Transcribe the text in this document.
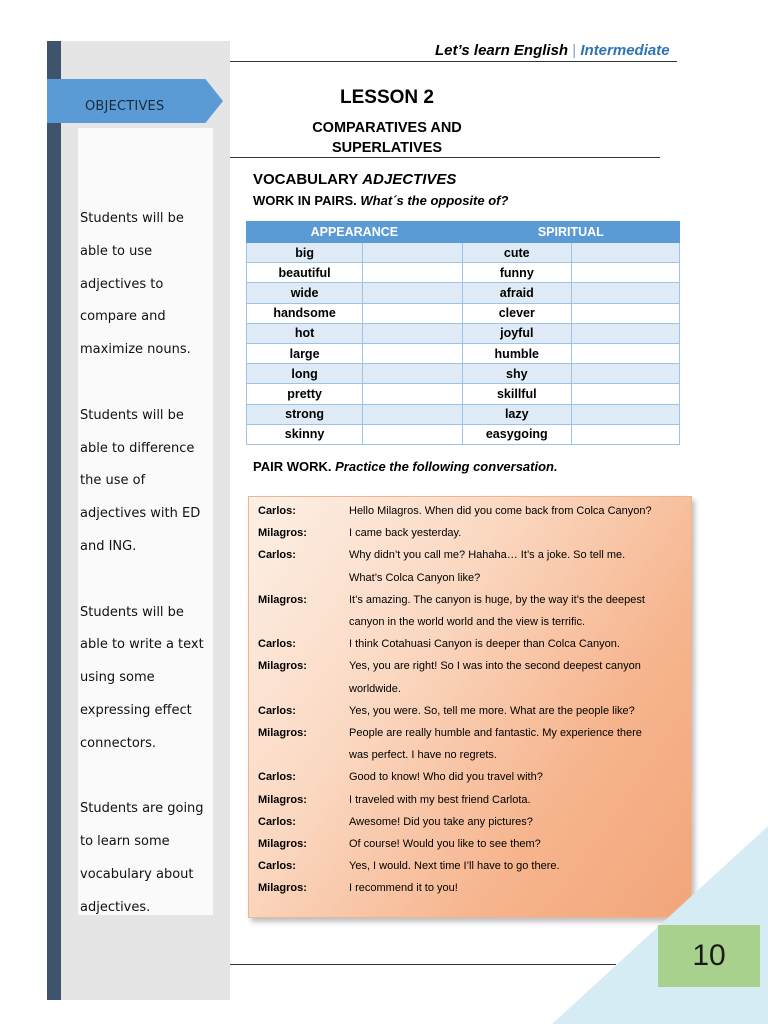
OBJECTIVES

Students will be able to use adjectives to compare and maximize nouns.

Students will be able to difference the use of adjectives with ED and ING.

Students will be able to write a text using some expressing effect connectors.

Students are going to learn some vocabulary about adjectives.

Let’s learn English | Intermediate
LESSON 2
COMPARATIVES AND
SUPERLATIVES
VOCABULARY ADJECTIVES
WORK IN PAIRS. What´s the opposite of?
APPEARANCE		SPIRITUAL	
big		cute	
beautiful		funny	
wide		afraid	
handsome		clever	
hot		joyful	
large		humble	
long		shy	
pretty		skillful	
strong		lazy	
skinny		easygoing	
PAIR WORK. Practice the following conversation.
Carlos:	Hello Milagros. When did you come back from Colca Canyon?
Milagros:	I came back yesterday.
Carlos:	Why didn’t you call me? Hahaha… It’s a joke. So tell me.
What’s Colca Canyon like?
Milagros:	It’s amazing. The canyon is huge, by the way it’s the deepest
canyon in the world world and the view is terrific.
Carlos:	I think Cotahuasi Canyon is deeper than Colca Canyon.
Milagros:	Yes, you are right! So I was into the second deepest canyon
worldwide.
Carlos:	Yes, you were. So, tell me more. What are the people like?
Milagros:	People are really humble and fantastic. My experience there
was perfect. I have no regrets.
Carlos:	Good to know! Who did you travel with?
Milagros:	I traveled with my best friend Carlota.
Carlos:	Awesome! Did you take any pictures?
Milagros:	Of course! Would you like to see them?
Carlos:	Yes, I would. Next time I’ll have to go there.
Milagros:	I recommend it to you!
10
